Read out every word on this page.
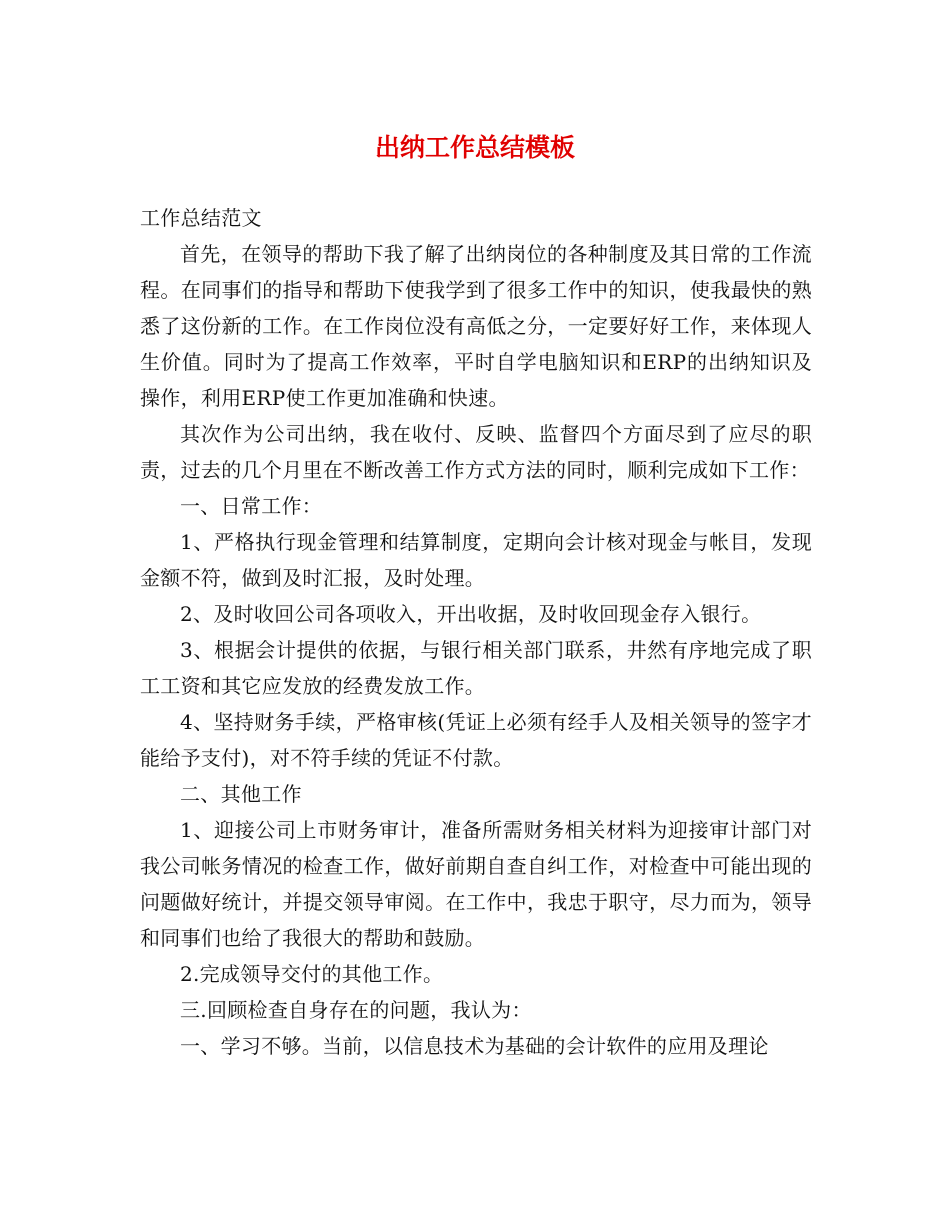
出纳工作总结模板

工作总结范文

首先，在领导的帮助下我了解了出纳岗位的各种制度及其日常的工作流程。在同事们的指导和帮助下使我学到了很多工作中的知识，使我最快的熟悉了这份新的工作。在工作岗位没有高低之分，一定要好好工作，来体现人生价值。同时为了提高工作效率，平时自学电脑知识和ERP的出纳知识及操作，利用ERP使工作更加准确和快速。

其次作为公司出纳，我在收付、反映、监督四个方面尽到了应尽的职责，过去的几个月里在不断改善工作方式方法的同时，顺利完成如下工作：

一、日常工作：

1、严格执行现金管理和结算制度，定期向会计核对现金与帐目，发现金额不符，做到及时汇报，及时处理。

2、及时收回公司各项收入，开出收据，及时收回现金存入银行。

3、根据会计提供的依据，与银行相关部门联系，井然有序地完成了职工工资和其它应发放的经费发放工作。

4、坚持财务手续，严格审核(凭证上必须有经手人及相关领导的签字才能给予支付)，对不符手续的凭证不付款。

二、其他工作

1、迎接公司上市财务审计，准备所需财务相关材料为迎接审计部门对我公司帐务情况的检查工作，做好前期自查自纠工作，对检查中可能出现的问题做好统计，并提交领导审阅。在工作中，我忠于职守，尽力而为，领导和同事们也给了我很大的帮助和鼓励。

2.完成领导交付的其他工作。

三.回顾检查自身存在的问题，我认为：

一、学习不够。当前，以信息技术为基础的会计软件的应用及理论
